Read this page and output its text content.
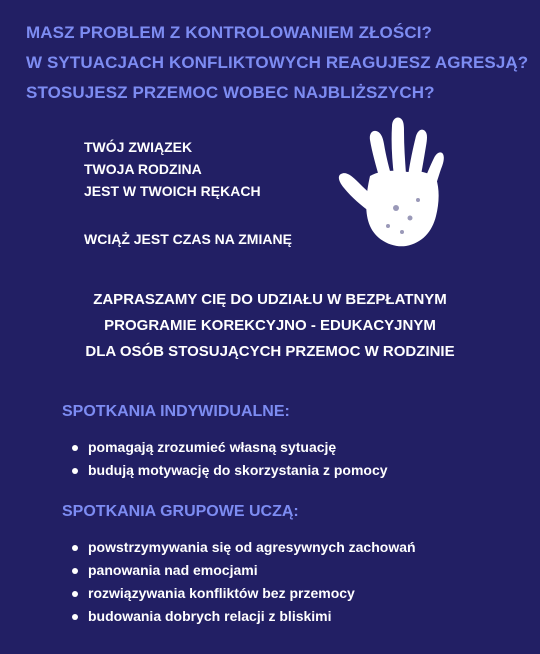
MASZ PROBLEM Z KONTROLOWANIEM ZŁOŚCI?
W SYTUACJACH KONFLIKTOWYCH REAGUJESZ AGRESJĄ?
STOSUJESZ PRZEMOC WOBEC NAJBLIŻSZYCH?
TWÓJ ZWIĄZEK
TWOJA RODZINA
JEST W TWOICH RĘKACH
WCIĄŻ JEST CZAS NA ZMIANĘ
ZAPRASZAMY CIĘ DO UDZIAŁU W BEZPŁATNYM
PROGRAMIE KOREKCYJNO - EDUKACYJNYM
DLA OSÓB STOSUJĄCYCH PRZEMOC W RODZINIE
SPOTKANIA INDYWIDUALNE:
pomagają zrozumieć własną sytuację
budują motywację do skorzystania z pomocy
SPOTKANIA GRUPOWE UCZĄ:
powstrzymywania się od agresywnych zachowań
panowania nad emocjami
rozwiązywania konfliktów bez przemocy
budowania dobrych relacji z bliskimi
